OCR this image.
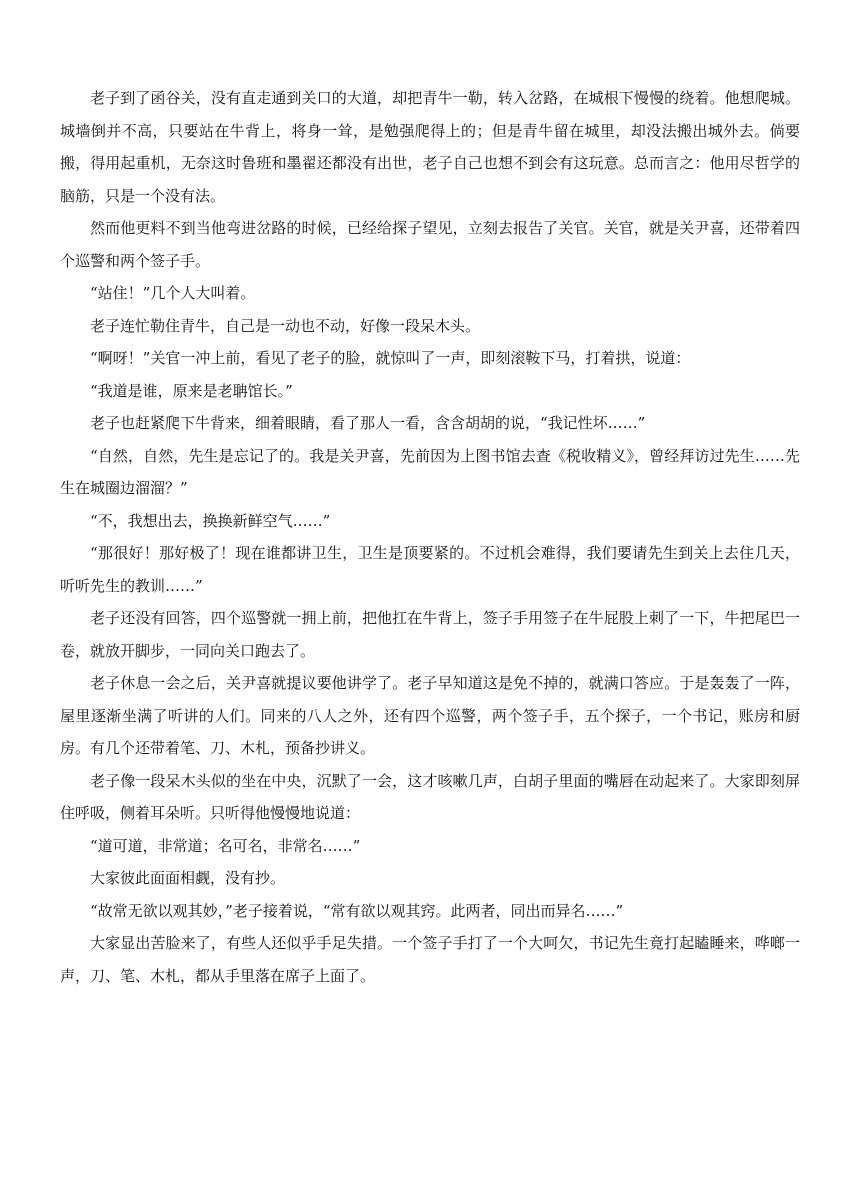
老子到了函谷关，没有直走通到关口的大道，却把青牛一勒，转入岔路，在城根下慢慢的绕着。他想爬城。城墙倒并不高，只要站在牛背上，将身一耸，是勉强爬得上的；但是青牛留在城里，却没法搬出城外去。倘要搬，得用起重机，无奈这时鲁班和墨翟还都没有出世，老子自己也想不到会有这玩意。总而言之：他用尽哲学的脑筋，只是一个没有法。

然而他更料不到当他弯进岔路的时候，已经给探子望见，立刻去报告了关官。关官，就是关尹喜，还带着四个巡警和两个签子手。

“站住！”几个人大叫着。

老子连忙勒住青牛，自己是一动也不动，好像一段呆木头。

“啊呀！”关官一冲上前，看见了老子的脸，就惊叫了一声，即刻滚鞍下马，打着拱，说道：

“我道是谁，原来是老聃馆长。”

老子也赶紧爬下牛背来，细着眼睛，看了那人一看，含含胡胡的说，“我记性坏……”

“自然，自然，先生是忘记了的。我是关尹喜，先前因为上图书馆去查《税收精义》，曾经拜访过先生……先生在城圈边溜溜？”

“不，我想出去，换换新鲜空气……”

“那很好！那好极了！现在谁都讲卫生，卫生是顶要紧的。不过机会难得，我们要请先生到关上去住几天，听听先生的教训……”

老子还没有回答，四个巡警就一拥上前，把他扛在牛背上，签子手用签子在牛屁股上刺了一下，牛把尾巴一卷，就放开脚步，一同向关口跑去了。

老子休息一会之后，关尹喜就提议要他讲学了。老子早知道这是免不掉的，就满口答应。于是轰轰了一阵，屋里逐渐坐满了听讲的人们。同来的八人之外，还有四个巡警，两个签子手，五个探子，一个书记，账房和厨房。有几个还带着笔、刀、木札，预备抄讲义。

老子像一段呆木头似的坐在中央，沉默了一会，这才咳嗽几声，白胡子里面的嘴唇在动起来了。大家即刻屏住呼吸，侧着耳朵听。只听得他慢慢地说道：

“道可道，非常道；名可名，非常名……”

大家彼此面面相觑，没有抄。

“故常无欲以观其妙，”老子接着说，“常有欲以观其窍。此两者，同出而异名……”

大家显出苦脸来了，有些人还似乎手足失措。一个签子手打了一个大呵欠，书记先生竟打起瞌睡来，哗啷一声，刀、笔、木札，都从手里落在席子上面了。
